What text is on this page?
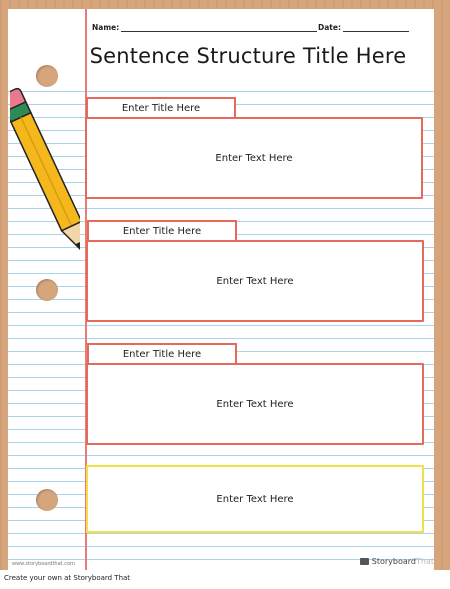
Name:	Date:
Sentence Structure Title Here
Enter Title Here
Enter Text Here
Enter Title Here
Enter Text Here
Enter Title Here
Enter Text Here
Enter Text Here
www.storyboardthat.com	Storyboard That
Create your own at Storyboard That
